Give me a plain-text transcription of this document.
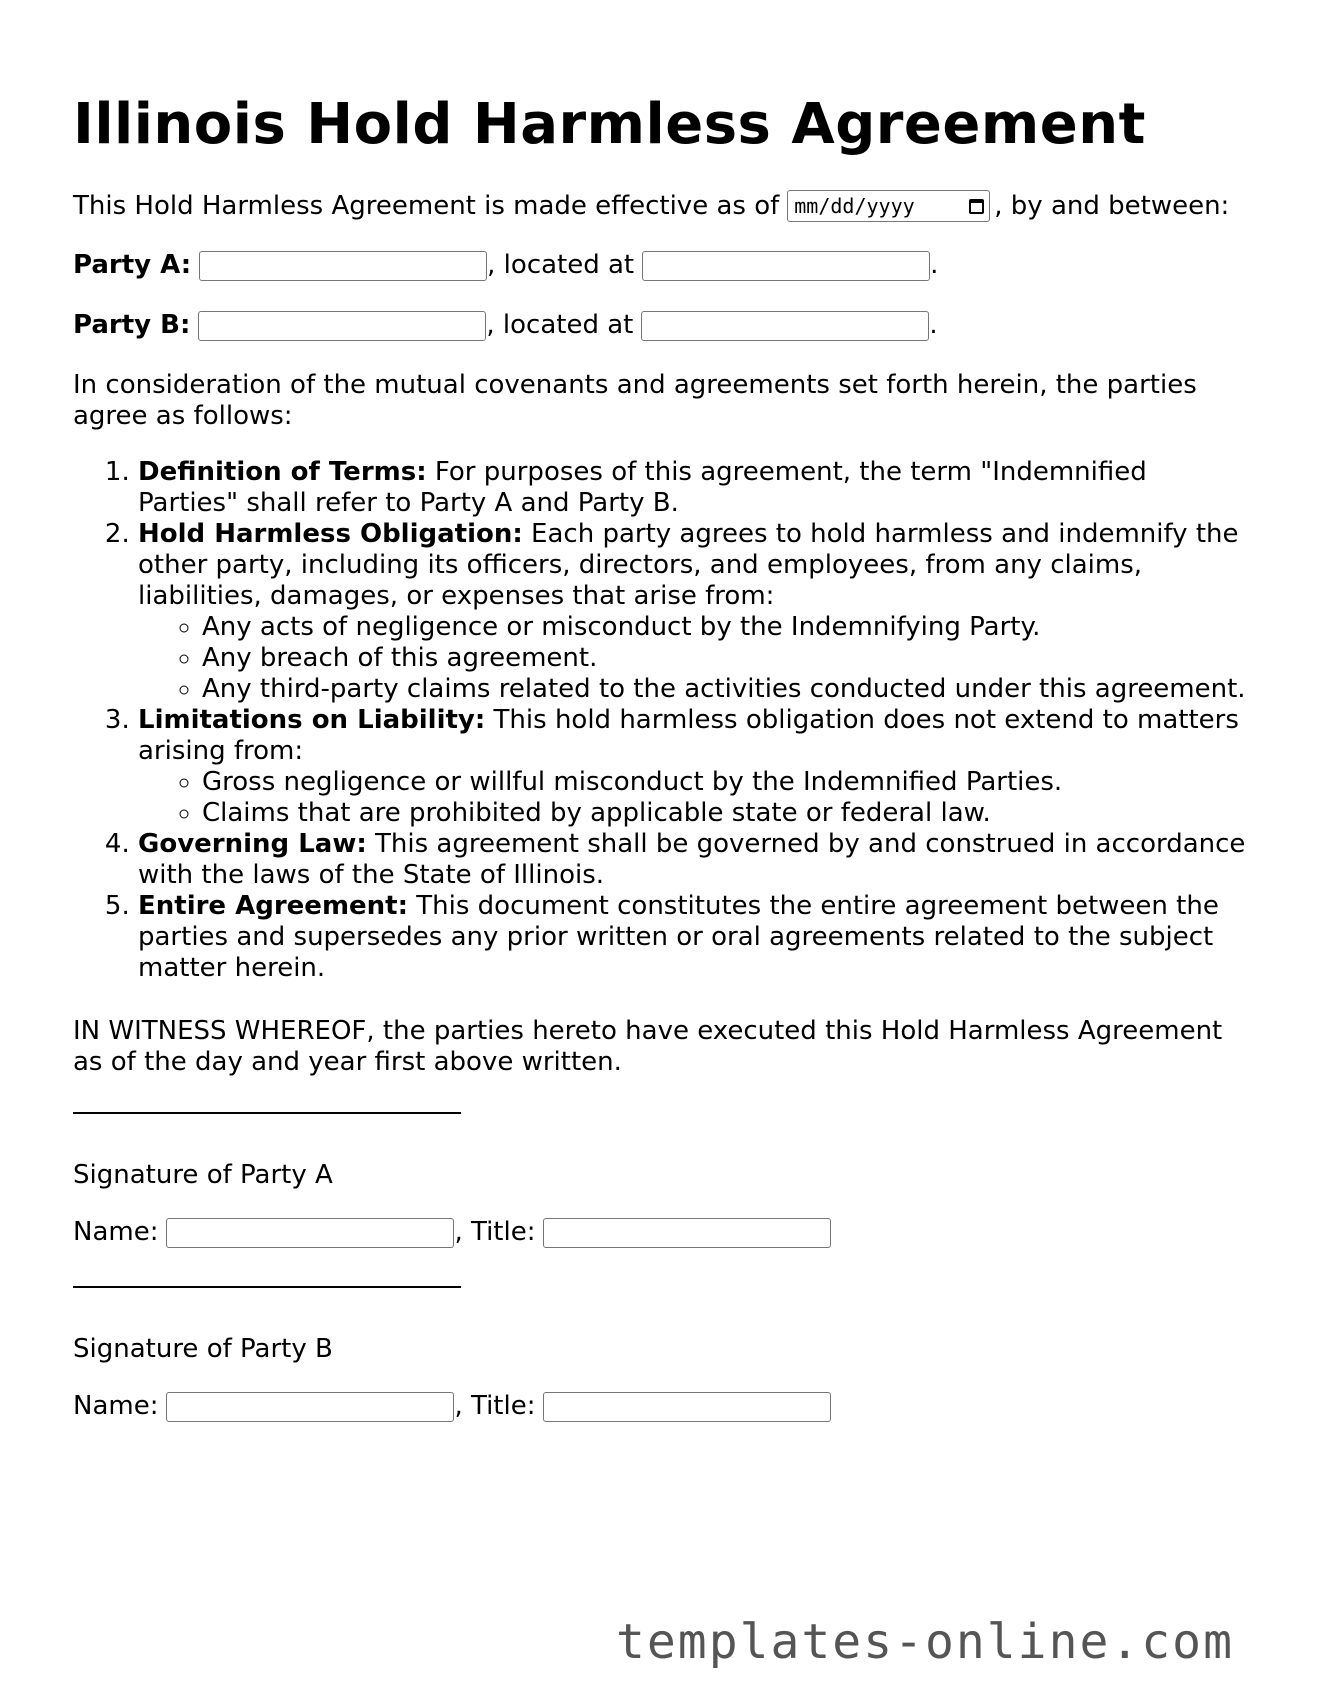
Illinois Hold Harmless Agreement
This Hold Harmless Agreement is made effective as of mm/dd/yyyy	, by and between:
Party A:	, located at	.
Party B:	, located at	.
In consideration of the mutual covenants and agreements set forth herein, the parties agree as follows:
1. Definition of Terms: For purposes of this agreement, the term "Indemnified Parties" shall refer to Party A and Party B.
2. Hold Harmless Obligation: Each party agrees to hold harmless and indemnify the other party, including its officers, directors, and employees, from any claims, liabilities, damages, or expenses that arise from:
◦ Any acts of negligence or misconduct by the Indemnifying Party.
◦ Any breach of this agreement.
◦ Any third-party claims related to the activities conducted under this agreement.
3. Limitations on Liability: This hold harmless obligation does not extend to matters arising from:
◦ Gross negligence or willful misconduct by the Indemnified Parties.
◦ Claims that are prohibited by applicable state or federal law.
4. Governing Law: This agreement shall be governed by and construed in accordance with the laws of the State of Illinois.
5. Entire Agreement: This document constitutes the entire agreement between the parties and supersedes any prior written or oral agreements related to the subject matter herein.
IN WITNESS WHEREOF, the parties hereto have executed this Hold Harmless Agreement as of the day and year first above written.
Signature of Party A
Name:	, Title:
Signature of Party B
Name:	, Title:
templates-online.com
